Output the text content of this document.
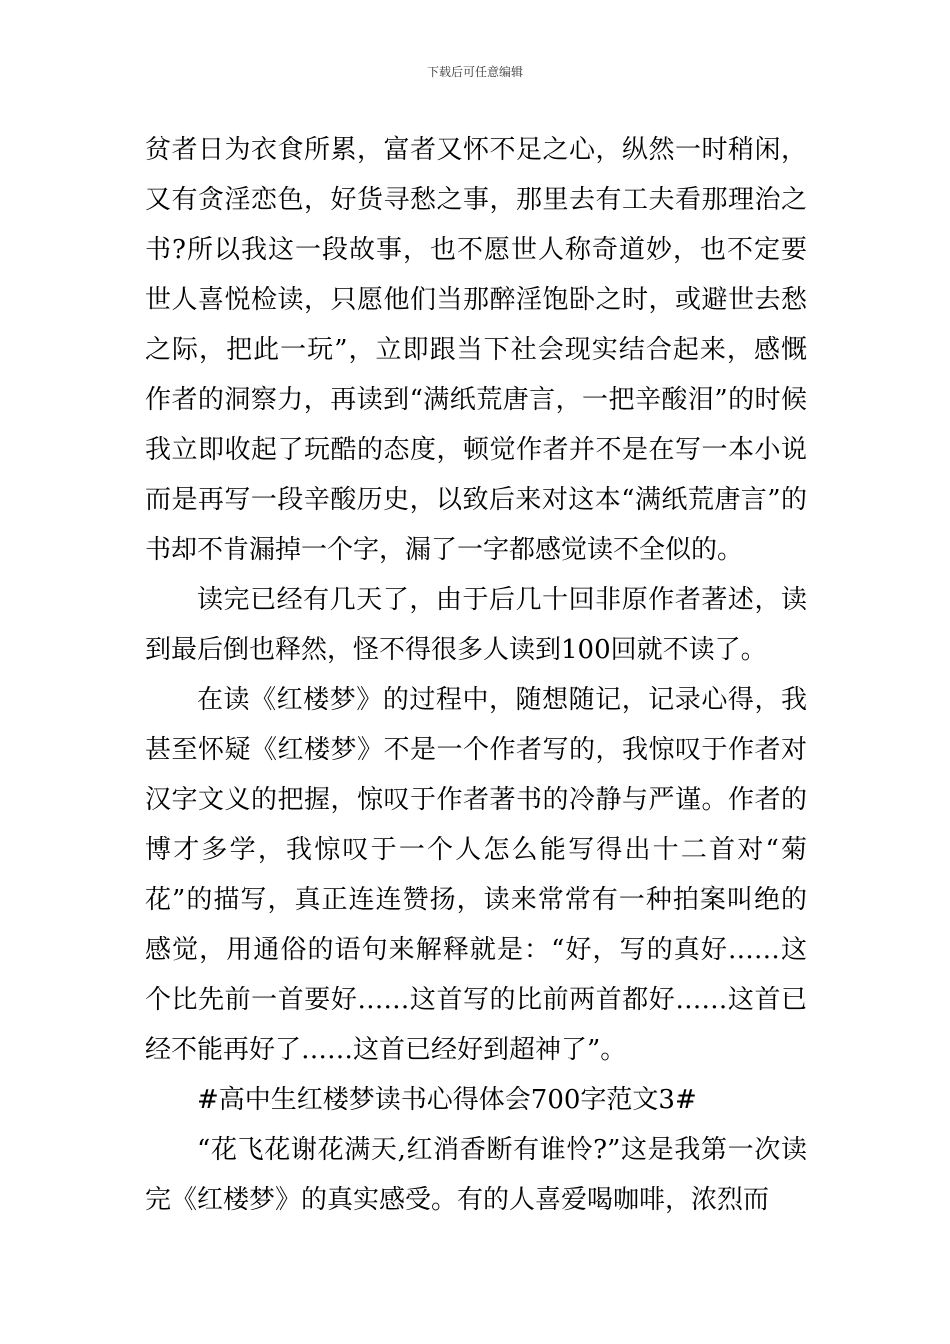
下载后可任意编辑

贫者日为衣食所累，富者又怀不足之心，纵然一时稍闲，又有贪淫恋色，好货寻愁之事，那里去有工夫看那理治之书?所以我这一段故事，也不愿世人称奇道妙，也不定要世人喜悦检读，只愿他们当那醉淫饱卧之时，或避世去愁之际，把此一玩”，立即跟当下社会现实结合起来，感慨作者的洞察力，再读到“满纸荒唐言，一把辛酸泪”的时候我立即收起了玩酷的态度，顿觉作者并不是在写一本小说而是再写一段辛酸历史，以致后来对这本“满纸荒唐言”的书却不肯漏掉一个字，漏了一字都感觉读不全似的。

读完已经有几天了，由于后几十回非原作者著述，读到最后倒也释然，怪不得很多人读到100回就不读了。

在读《红楼梦》的过程中，随想随记，记录心得，我甚至怀疑《红楼梦》不是一个作者写的，我惊叹于作者对汉字文义的把握，惊叹于作者著书的冷静与严谨。作者的博才多学，我惊叹于一个人怎么能写得出十二首对“菊花”的描写，真正连连赞扬，读来常常有一种拍案叫绝的感觉，用通俗的语句来解释就是：“好，写的真好……这个比先前一首要好……这首写的比前两首都好……这首已经不能再好了……这首已经好到超神了”。

#高中生红楼梦读书心得体会700字范文3#

“花飞花谢花满天,红消香断有谁怜?”这是我第一次读完《红楼梦》的真实感受。有的人喜爱喝咖啡，浓烈而
